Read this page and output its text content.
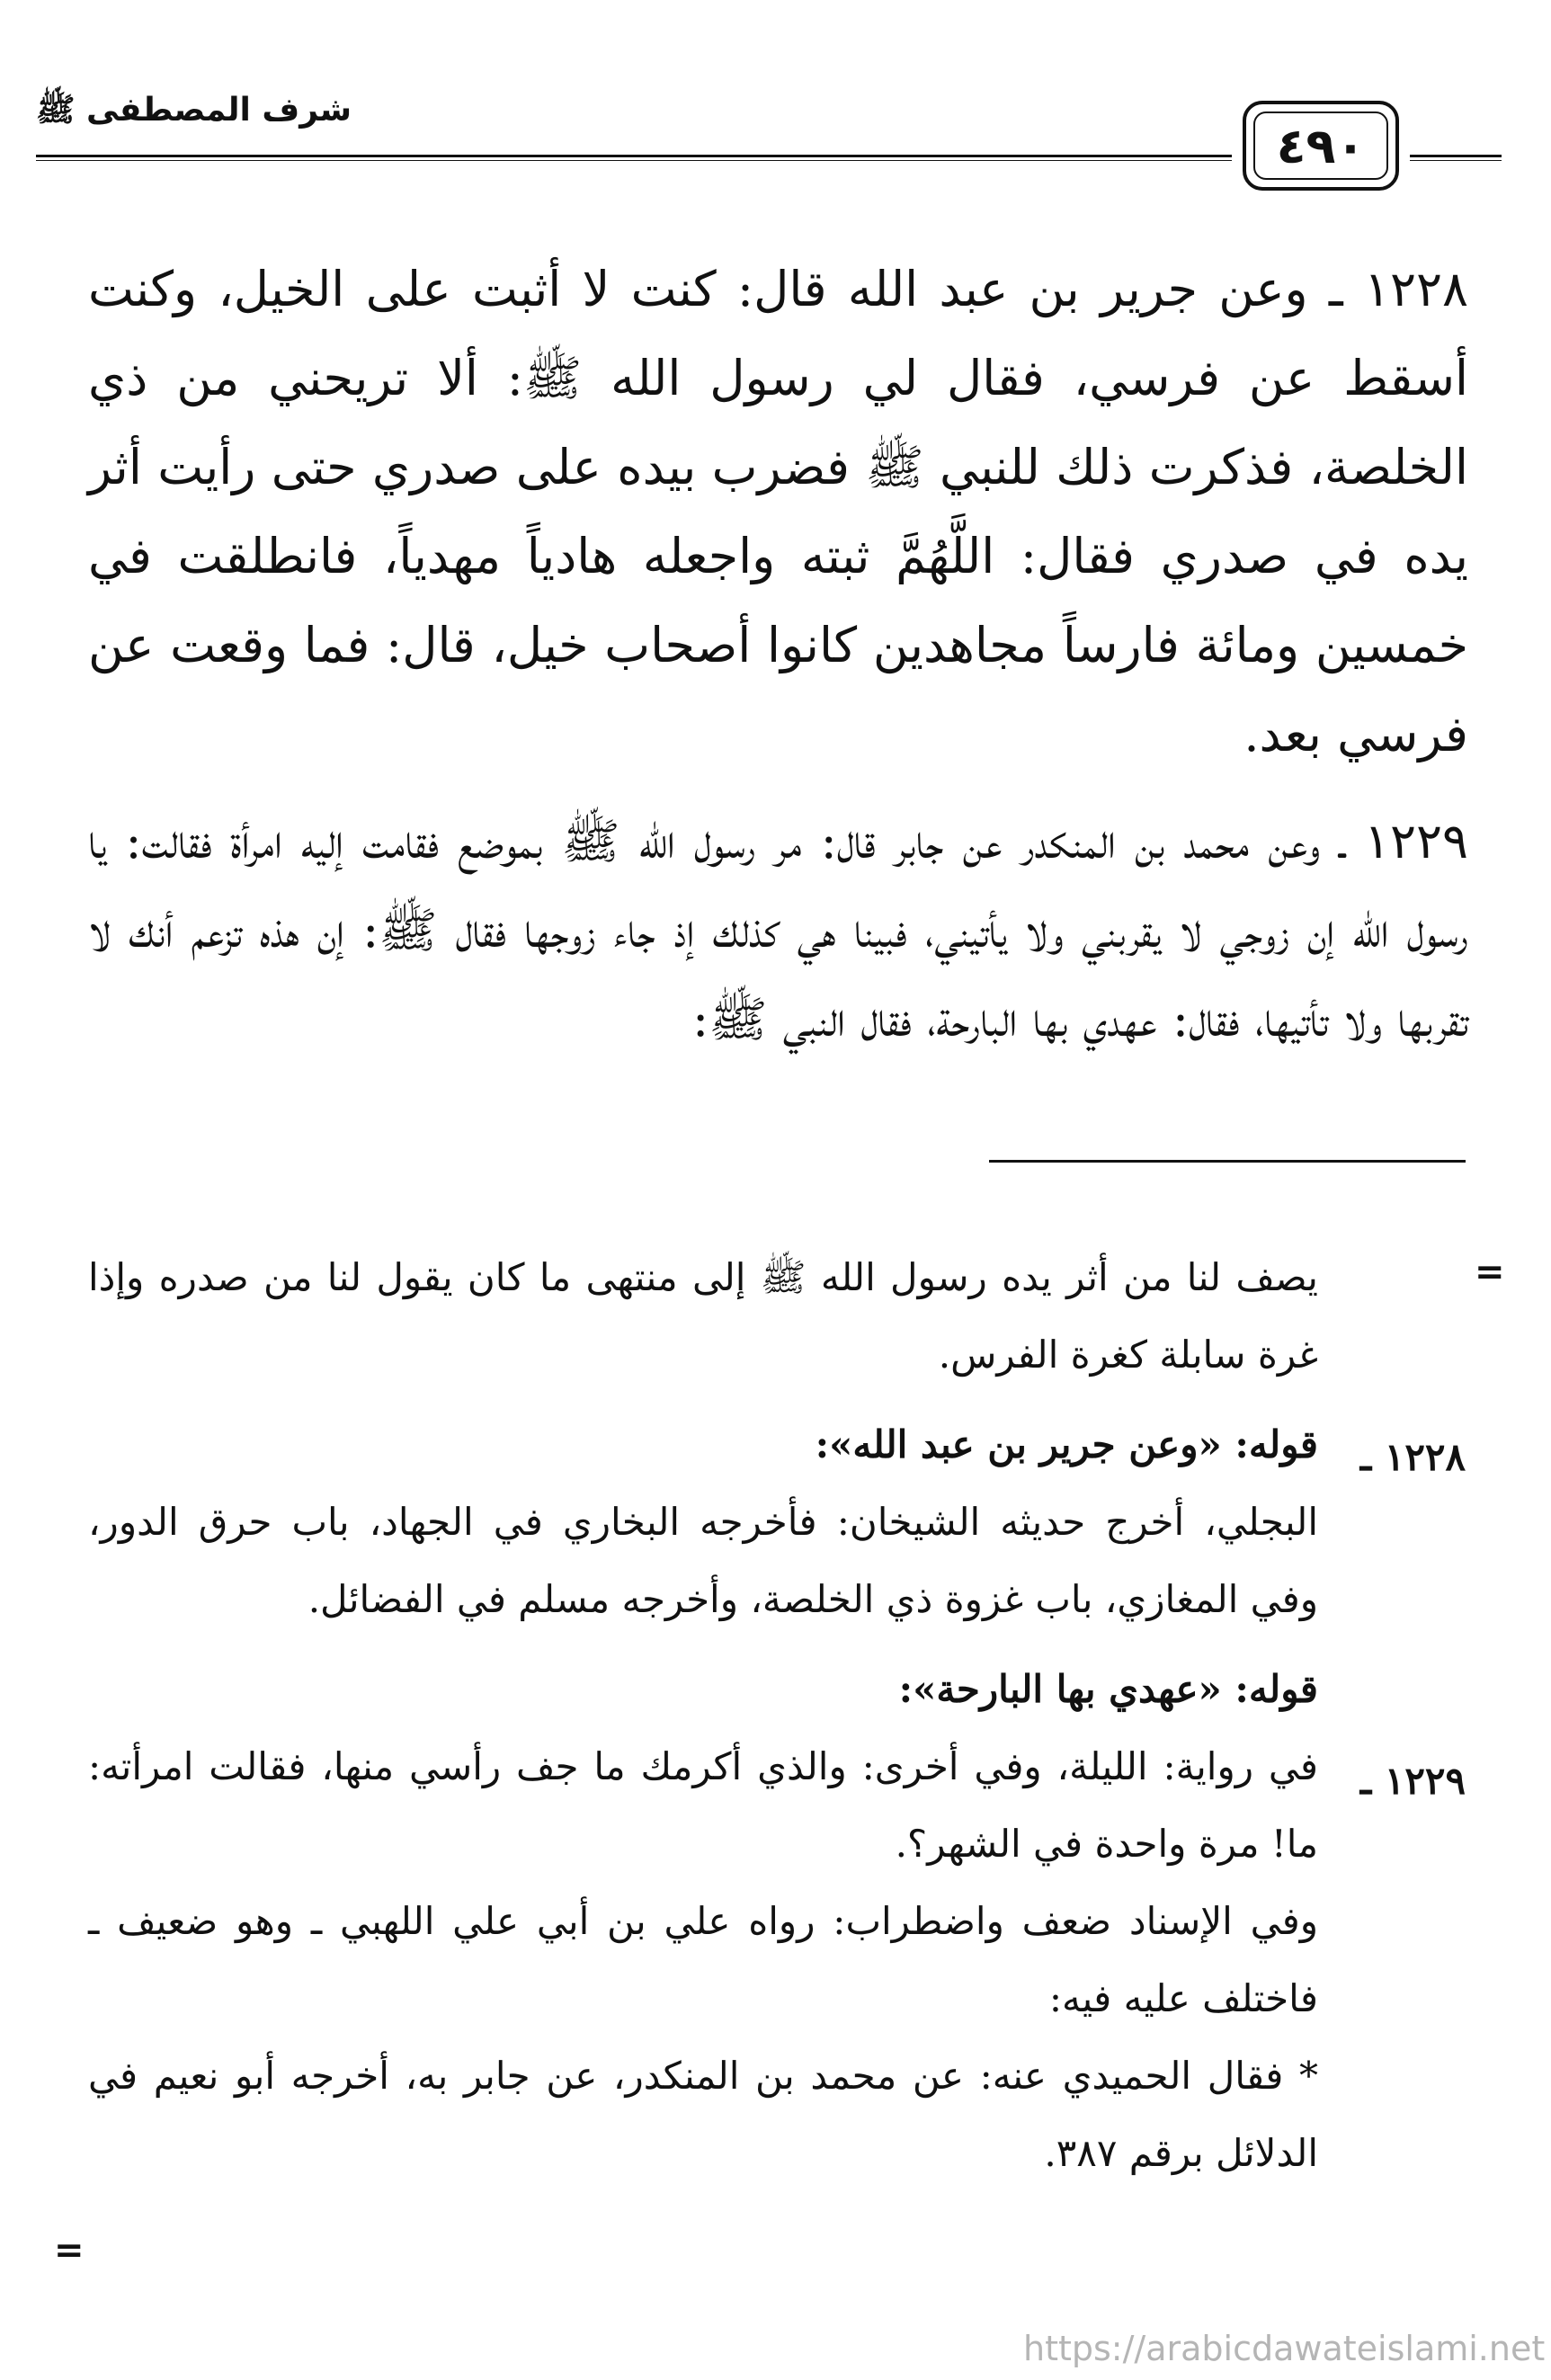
شرف المصطفى ﷺ
٤٩٠

١٢٢٨ ـ وعن جرير بن عبد الله قال: كنت لا أثبت على الخيل، وكنت أسقط عن فرسي، فقال لي رسول الله ﷺ: ألا تريحني من ذي الخلصة، فذكرت ذلك للنبي ﷺ فضرب بيده على صدري حتى رأيت أثر يده في صدري فقال: اللَّهُمَّ ثبته واجعله هادياً مهدياً، فانطلقت في خمسين ومائة فارساً مجاهدين كانوا أصحاب خيل، قال: فما وقعت عن فرسي بعد.

١٢٢٩ ـ وعن محمد بن المنكدر عن جابر قال: مر رسول الله ﷺ بموضع فقامت إليه امرأة فقالت: يا رسول الله إن زوجي لا يقربني ولا يأتيني، فبينا هي كذلك إذ جاء زوجها فقال ﷺ: إن هذه تزعم أنك لا تقربها ولا تأتيها، فقال: عهدي بها البارحة، فقال النبي ﷺ:

=

يصف لنا من أثر يده رسول الله ﷺ إلى منتهى ما كان يقول لنا من صدره وإذا غرة سابلة كغرة الفرس.

قوله: «وعن جرير بن عبد الله»:

البجلي، أخرج حديثه الشيخان: فأخرجه البخاري في الجهاد، باب حرق الدور، وفي المغازي، باب غزوة ذي الخلصة، وأخرجه مسلم في الفضائل.

قوله: «عهدي بها البارحة»:

في رواية: الليلة، وفي أخرى: والذي أكرمك ما جف رأسي منها، فقالت امرأته: ما! مرة واحدة في الشهر؟.

وفي الإسناد ضعف واضطراب: رواه علي بن أبي علي اللهبي ـ وهو ضعيف ـ فاختلف عليه فيه:

* فقال الحميدي عنه: عن محمد بن المنكدر، عن جابر به، أخرجه أبو نعيم في الدلائل برقم ٣٨٧.

١٢٢٨ ـ
١٢٢٩ ـ
=
https://arabicdawateislami.net
